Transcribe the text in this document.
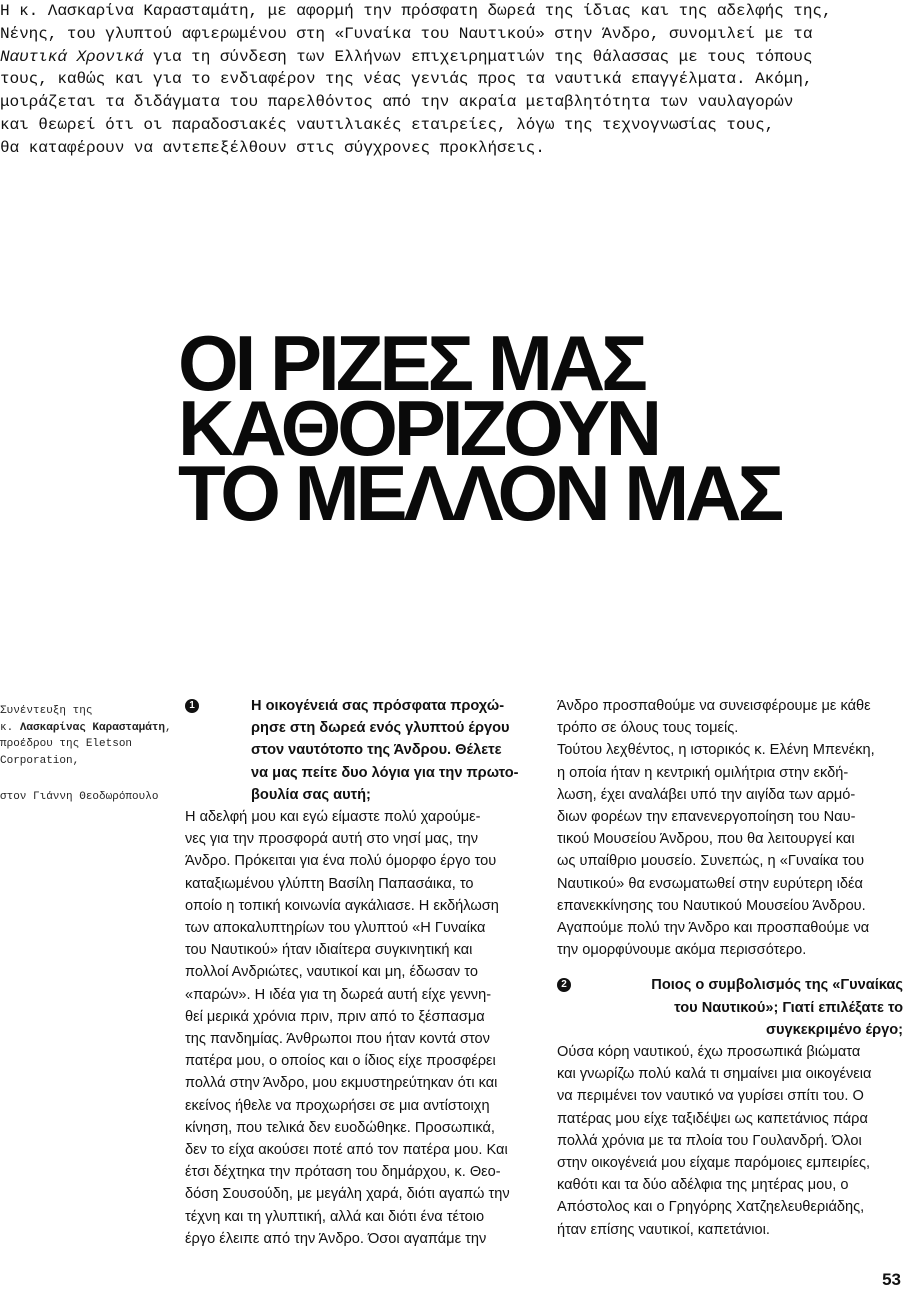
Η κ. Λασκαρίνα Καρασταμάτη, με αφορμή την πρόσφατη δωρεά της ίδιας και της αδελφής της,
Νένης, του γλυπτού αφιερωμένου στη «Γυναίκα του Ναυτικού» στην Άνδρο, συνομιλεί με τα
Ναυτικά Χρονικά για τη σύνδεση των Ελλήνων επιχειρηματιών της θάλασσας με τους τόπους
τους, καθώς και για το ενδιαφέρον της νέας γενιάς προς τα ναυτικά επαγγέλματα. Ακόμη,
μοιράζεται τα διδάγματα του παρελθόντος από την ακραία μεταβλητότητα των ναυλαγορών
και θεωρεί ότι οι παραδοσιακές ναυτιλιακές εταιρείες, λόγω της τεχνογνωσίας τους,
θα καταφέρουν να αντεπεξέλθουν στις σύγχρονες προκλήσεις.
ΟΙ ΡΙΖΕΣ ΜΑΣ
ΚΑΘΟΡΙΖΟΥΝ
ΤΟ ΜΕΛΛΟΝ ΜΑΣ
Συνέντευξη της
κ. Λασκαρίνας Καρασταμάτη,
προέδρου της Eletson
Corporation,
στον Γιάννη Θεοδωρόπουλο
1	Η οικογένειά σας πρόσφατα προχώ-
ρησε στη δωρεά ενός γλυπτού έργου
στον ναυτότοπο της Άνδρου. Θέλετε
να μας πείτε δυο λόγια για την πρωτο-
βουλία σας αυτή;
Η αδελφή μου και εγώ είμαστε πολύ χαρούμε-
νες για την προσφορά αυτή στο νησί μας, την
Άνδρο. Πρόκειται για ένα πολύ όμορφο έργο του
καταξιωμένου γλύπτη Βασίλη Παπασάικα, το
οποίο η τοπική κοινωνία αγκάλιασε. Η εκδήλωση
των αποκαλυπτηρίων του γλυπτού «Η Γυναίκα
του Ναυτικού» ήταν ιδιαίτερα συγκινητική και
πολλοί Ανδριώτες, ναυτικοί και μη, έδωσαν το
«παρών». Η ιδέα για τη δωρεά αυτή είχε γεννη-
θεί μερικά χρόνια πριν, πριν από το ξέσπασμα
της πανδημίας. Άνθρωποι που ήταν κοντά στον
πατέρα μου, ο οποίος και ο ίδιος είχε προσφέρει
πολλά στην Άνδρο, μου εκμυστηρεύτηκαν ότι και
εκείνος ήθελε να προχωρήσει σε μια αντίστοιχη
κίνηση, που τελικά δεν ευοδώθηκε. Προσωπικά,
δεν το είχα ακούσει ποτέ από τον πατέρα μου. Και
έτσι δέχτηκα την πρόταση του δημάρχου, κ. Θεο-
δόση Σουσούδη, με μεγάλη χαρά, διότι αγαπώ την
τέχνη και τη γλυπτική, αλλά και διότι ένα τέτοιο
έργο έλειπε από την Άνδρο. Όσοι αγαπάμε την
Άνδρο προσπαθούμε να συνεισφέρουμε με κάθε
τρόπο σε όλους τους τομείς.
Τούτου λεχθέντος, η ιστορικός κ. Ελένη Μπενέκη,
η οποία ήταν η κεντρική ομιλήτρια στην εκδή-
λωση, έχει αναλάβει υπό την αιγίδα των αρμό-
διων φορέων την επανενεργοποίηση του Ναυ-
τικού Μουσείου Άνδρου, που θα λειτουργεί και
ως υπαίθριο μουσείο. Συνεπώς, η «Γυναίκα του
Ναυτικού» θα ενσωματωθεί στην ευρύτερη ιδέα
επανεκκίνησης του Ναυτικού Μουσείου Άνδρου.
Αγαπούμε πολύ την Άνδρο και προσπαθούμε να
την ομορφύνουμε ακόμα περισσότερο.
2	Ποιος ο συμβολισμός της «Γυναίκας
του Ναυτικού»; Γιατί επιλέξατε το
συγκεκριμένο έργο;
Ούσα κόρη ναυτικού, έχω προσωπικά βιώματα
και γνωρίζω πολύ καλά τι σημαίνει μια οικογένεια
να περιμένει τον ναυτικό να γυρίσει σπίτι του. Ο
πατέρας μου είχε ταξιδέψει ως καπετάνιος πάρα
πολλά χρόνια με τα πλοία του Γουλανδρή. Όλοι
στην οικογένειά μου είχαμε παρόμοιες εμπειρίες,
καθότι και τα δύο αδέλφια της μητέρας μου, ο
Απόστολος και ο Γρηγόρης Χατζηελευθεριάδης,
ήταν επίσης ναυτικοί, καπετάνιοι.
53
